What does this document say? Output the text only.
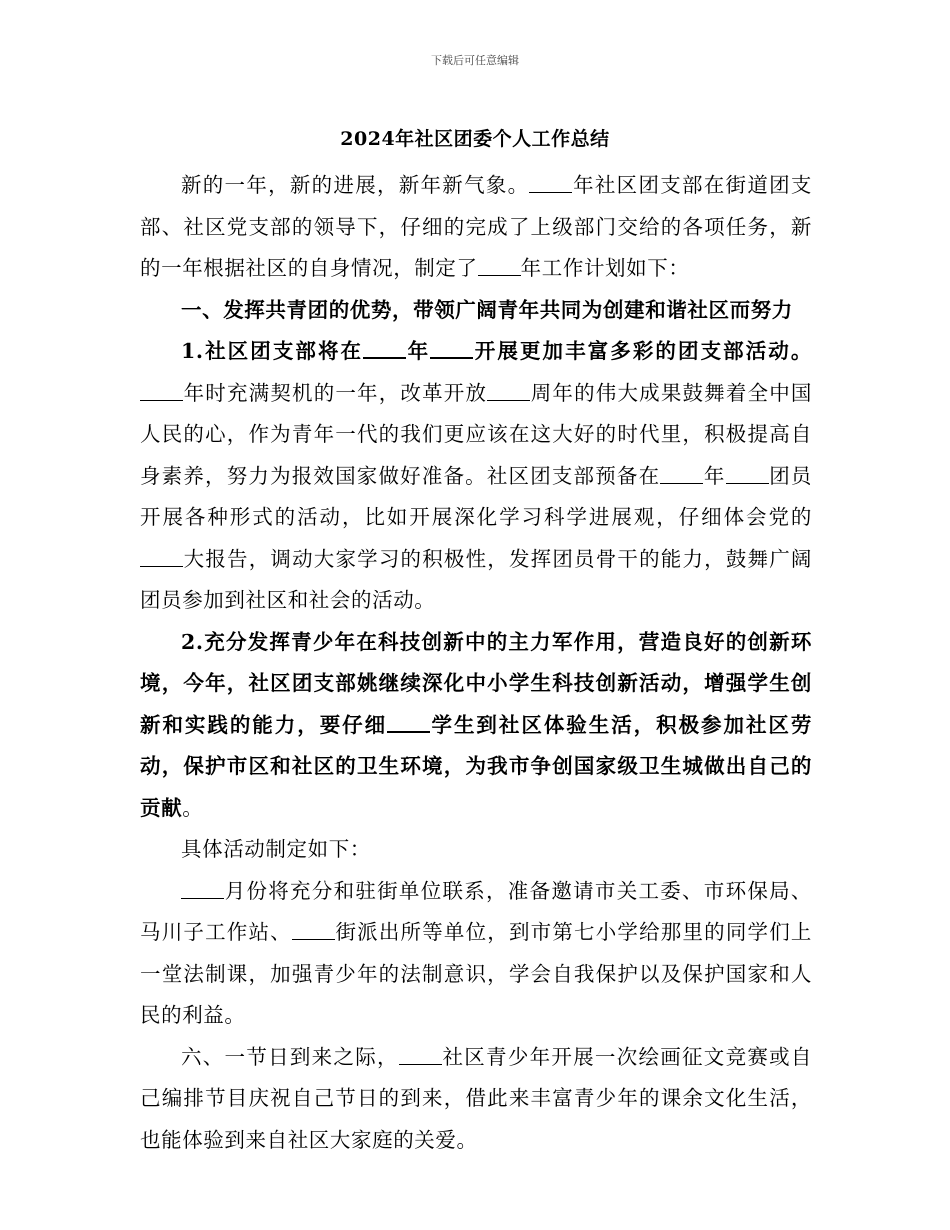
下载后可任意编辑
2024年社区团委个人工作总结

新的一年，新的进展，新年新气象。 年社区团支部在街道团支部、社区党支部的领导下，仔细的完成了上级部门交给的各项任务，新的一年根据社区的自身情况，制定了 年工作计划如下：

一、发挥共青团的优势，带领广阔青年共同为创建和谐社区而努力

1.社区团支部将在 年 开展更加丰富多彩的团支部活动。年时充满契机的一年，改革开放 周年的伟大成果鼓舞着全中国人民的心，作为青年一代的我们更应该在这大好的时代里，积极提高自身素养，努力为报效国家做好准备。社区团支部预备在 年 团员开展各种形式的活动，比如开展深化学习科学进展观，仔细体会党的大报告，调动大家学习的积极性，发挥团员骨干的能力，鼓舞广阔团员参加到社区和社会的活动。

2.充分发挥青少年在科技创新中的主力军作用，营造良好的创新环境，今年，社区团支部姚继续深化中小学生科技创新活动，增强学生创新和实践的能力，要仔细 学生到社区体验生活，积极参加社区劳动，保护市区和社区的卫生环境，为我市争创国家级卫生城做出自己的贡献。

具体活动制定如下：

月份将充分和驻街单位联系，准备邀请市关工委、市环保局、马川子工作站、 街派出所等单位，到市第七小学给那里的同学们上一堂法制课，加强青少年的法制意识，学会自我保护以及保护国家和人民的利益。

六、一节日到来之际， 社区青少年开展一次绘画征文竞赛或自己编排节目庆祝自己节日的到来，借此来丰富青少年的课余文化生活，也能体验到来自社区大家庭的关爱。
